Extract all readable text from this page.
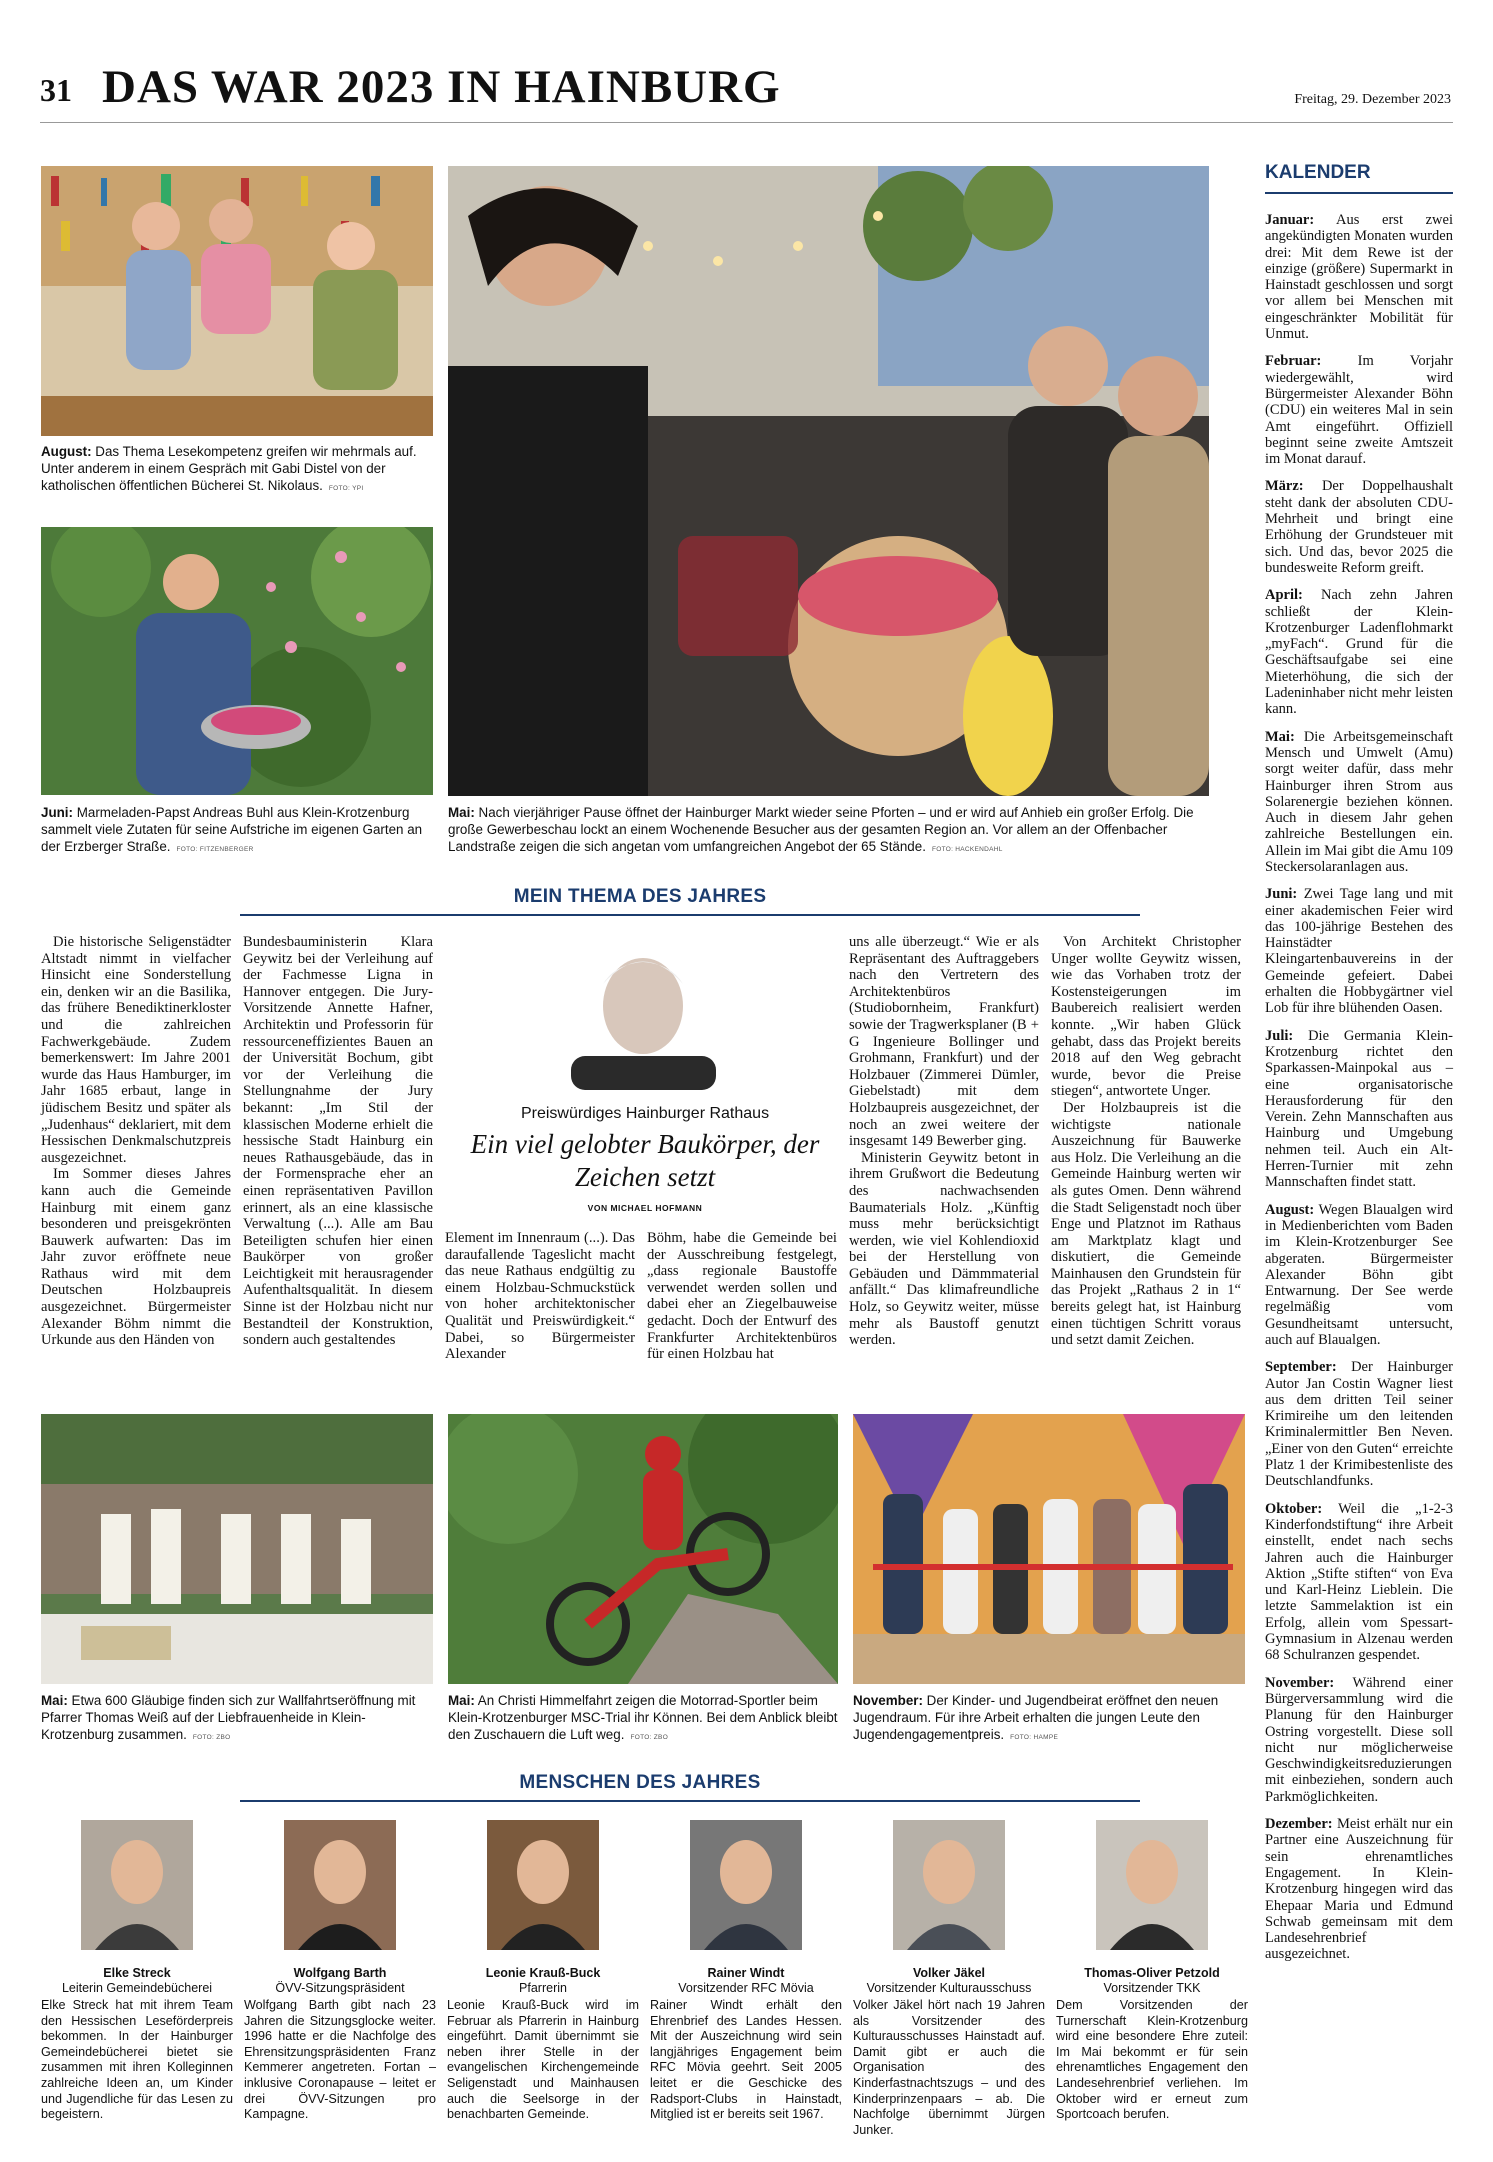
31 DAS WAR 2023 IN HAINBURG	Freitag, 29. Dezember 2023
August: Das Thema Lesekompetenz greifen wir mehrmals auf. Unter anderem in einem Gespräch mit Gabi Distel von der katholischen öffentlichen Bücherei St. Nikolaus. FOTO: YPI
Juni: Marmeladen-Papst Andreas Buhl aus Klein-Krotzenburg sammelt viele Zutaten für seine Aufstriche im eigenen Garten an der Erzberger Straße. FOTO: FITZENBERGER
Mai: Nach vierjähriger Pause öffnet der Hainburger Markt wieder seine Pforten – und er wird auf Anhieb ein großer Erfolg. Die große Gewerbeschau lockt an einem Wochenende Besucher aus der gesamten Region an. Vor allem an der Offenbacher Landstraße zeigen die sich angetan vom umfangreichen Angebot der 65 Stände. FOTO: HACKENDAHL
MEIN THEMA DES JAHRES

Die historische Seligenstädter Altstadt nimmt in vielfacher Hinsicht eine Sonderstellung ein, denken wir an die Basilika, das frühere Benediktinerkloster und die zahlreichen Fachwerkgebäude. Zudem bemerkenswert: Im Jahre 2001 wurde das Haus Hamburger, im Jahr 1685 erbaut, lange in jüdischem Besitz und später als „Judenhaus“ deklariert, mit dem Hessischen Denkmalschutzpreis ausgezeichnet.

Im Sommer dieses Jahres kann auch die Gemeinde Hainburg mit einem ganz besonderen und preisgekrönten Bauwerk aufwarten: Das im Jahr zuvor eröffnete neue Rathaus wird mit dem Deutschen Holzbaupreis ausgezeichnet. Bürgermeister Alexander Böhm nimmt die Urkunde aus den Händen von

Bundesbauministerin Klara Geywitz bei der Verleihung auf der Fachmesse Ligna in Hannover entgegen. Die Jury-Vorsitzende Annette Hafner, Architektin und Professorin für ressourceneffizientes Bauen an der Universität Bochum, gibt vor der Verleihung die Stellungnahme der Jury bekannt: „Im Stil der klassischen Moderne erhielt die hessische Stadt Hainburg ein neues Rathausgebäude, das in der Formensprache eher an einen repräsentativen Pavillon erinnert, als an eine klassische Verwaltung (...). Alle am Bau Beteiligten schufen hier einen Baukörper von großer Leichtigkeit mit herausragender Aufenthaltsqualität. In diesem Sinne ist der Holzbau nicht nur Bestandteil der Konstruktion, sondern auch gestaltendes

Preiswürdiges Hainburger Rathaus
Ein viel gelobter Baukörper, der Zeichen setzt
VON MICHAEL HOFMANN

Element im Innenraum (...). Das daraufallende Tageslicht macht das neue Rathaus endgültig zu einem Holzbau-Schmuckstück von hoher architektonischer Qualität und Preiswürdigkeit.“ Dabei, so Bürgermeister Alexander

Böhm, habe die Gemeinde bei der Ausschreibung festgelegt, „dass regionale Baustoffe verwendet werden sollen und dabei eher an Ziegelbauweise gedacht. Doch der Entwurf des Frankfurter Architektenbüros für einen Holzbau hat

uns alle überzeugt.“ Wie er als Repräsentant des Auftraggebers nach den Vertretern des Architektenbüros (Studiobornheim, Frankfurt) sowie der Tragwerksplaner (B + G Ingenieure Bollinger und Grohmann, Frankfurt) und der Holzbauer (Zimmerei Dümler, Giebelstadt) mit dem Holzbaupreis ausgezeichnet, der noch an zwei weitere der insgesamt 149 Bewerber ging.

Ministerin Geywitz betont in ihrem Grußwort die Bedeutung des nachwachsenden Baumaterials Holz. „Künftig muss mehr berücksichtigt werden, wie viel Kohlendioxid bei der Herstellung von Gebäuden und Dämmmaterial anfällt.“ Das klimafreundliche Holz, so Geywitz weiter, müsse mehr als Baustoff genutzt werden.

Von Architekt Christopher Unger wollte Geywitz wissen, wie das Vorhaben trotz der Kostensteigerungen im Baubereich realisiert werden konnte. „Wir haben Glück gehabt, dass das Projekt bereits 2018 auf den Weg gebracht wurde, bevor die Preise stiegen“, antwortete Unger.

Der Holzbaupreis ist die wichtigste nationale Auszeichnung für Bauwerke aus Holz. Die Verleihung an die Gemeinde Hainburg werten wir als gutes Omen. Denn während die Stadt Seligenstadt noch über Enge und Platznot im Rathaus am Marktplatz klagt und diskutiert, die Gemeinde Mainhausen den Grundstein für das Projekt „Rathaus 2 in 1“ bereits gelegt hat, ist Hainburg einen tüchtigen Schritt voraus und setzt damit Zeichen.

Mai: Etwa 600 Gläubige finden sich zur Wallfahrtseröffnung mit Pfarrer Thomas Weiß auf der Liebfrauenheide in Klein-Krotzenburg zusammen. FOTO: ZBO
Mai: An Christi Himmelfahrt zeigen die Motorrad-Sportler beim Klein-Krotzenburger MSC-Trial ihr Können. Bei dem Anblick bleibt den Zuschauern die Luft weg. FOTO: ZBO
November: Der Kinder- und Jugendbeirat eröffnet den neuen Jugendraum. Für ihre Arbeit erhalten die jungen Leute den Jugendengagementpreis. FOTO: HAMPE
MENSCHEN DES JAHRES
Elke Streck
Leiterin Gemeindebücherei
Elke Streck hat mit ihrem Team den Hessischen Leseförderpreis bekommen. In der Hainburger Gemeindebücherei bietet sie zusammen mit ihren Kolleginnen zahlreiche Ideen an, um Kinder und Jugendliche für das Lesen zu begeistern.
Wolfgang Barth
ÖVV-Sitzungspräsident
Wolfgang Barth gibt nach 23 Jahren die Sitzungsglocke weiter. 1996 hatte er die Nachfolge des Ehrensitzungspräsidenten Franz Kemmerer angetreten. Fortan – inklusive Coronapause – leitet er drei ÖVV-Sitzungen pro Kampagne.
Leonie Krauß-Buck
Pfarrerin
Leonie Krauß-Buck wird im Februar als Pfarrerin in Hainburg eingeführt. Damit übernimmt sie neben ihrer Stelle in der evangelischen Kirchengemeinde Seligenstadt und Mainhausen auch die Seelsorge in der benachbarten Gemeinde.
Rainer Windt
Vorsitzender RFC Mövia
Rainer Windt erhält den Ehrenbrief des Landes Hessen. Mit der Auszeichnung wird sein langjähriges Engagement beim RFC Mövia geehrt. Seit 2005 leitet er die Geschicke des Radsport-Clubs in Hainstadt, Mitglied ist er bereits seit 1967.
Volker Jäkel
Vorsitzender Kulturausschuss
Volker Jäkel hört nach 19 Jahren als Vorsitzender des Kulturausschusses Hainstadt auf. Damit gibt er auch die Organisation des Kinderfastnachtszugs – und des Kinderprinzenpaars – ab. Die Nachfolge übernimmt Jürgen Junker.
Thomas-Oliver Petzold
Vorsitzender TKK
Dem Vorsitzenden der Turnerschaft Klein-Krotzenburg wird eine besondere Ehre zuteil: Im Mai bekommt er für sein ehrenamtliches Engagement den Landesehrenbrief verliehen. Im Oktober wird er erneut zum Sportcoach berufen.
KALENDER

Januar: Aus erst zwei angekündigten Monaten wurden drei: Mit dem Rewe ist der einzige (größere) Supermarkt in Hainstadt geschlossen und sorgt vor allem bei Menschen mit eingeschränkter Mobilität für Unmut.

Februar: Im Vorjahr wiedergewählt, wird Bürgermeister Alexander Böhn (CDU) ein weiteres Mal in sein Amt eingeführt. Offiziell beginnt seine zweite Amtszeit im Monat darauf.

März: Der Doppelhaushalt steht dank der absoluten CDU-Mehrheit und bringt eine Erhöhung der Grundsteuer mit sich. Und das, bevor 2025 die bundesweite Reform greift.

April: Nach zehn Jahren schließt der Klein-Krotzenburger Ladenflohmarkt „myFach“. Grund für die Geschäftsaufgabe sei eine Mieterhöhung, die sich der Ladeninhaber nicht mehr leisten kann.

Mai: Die Arbeitsgemeinschaft Mensch und Umwelt (Amu) sorgt weiter dafür, dass mehr Hainburger ihren Strom aus Solarenergie beziehen können. Auch in diesem Jahr gehen zahlreiche Bestellungen ein. Allein im Mai gibt die Amu 109 Steckersolaranlagen aus.

Juni: Zwei Tage lang und mit einer akademischen Feier wird das 100-jährige Bestehen des Hainstädter Kleingartenbauvereins in der Gemeinde gefeiert. Dabei erhalten die Hobbygärtner viel Lob für ihre blühenden Oasen.

Juli: Die Germania Klein-Krotzenburg richtet den Sparkassen-Mainpokal aus – eine organisatorische Herausforderung für den Verein. Zehn Mannschaften aus Hainburg und Umgebung nehmen teil. Auch ein Alt-Herren-Turnier mit zehn Mannschaften findet statt.

August: Wegen Blaualgen wird in Medienberichten vom Baden im Klein-Krotzenburger See abgeraten. Bürgermeister Alexander Böhn gibt Entwarnung. Der See werde regelmäßig vom Gesundheitsamt untersucht, auch auf Blaualgen.

September: Der Hainburger Autor Jan Costin Wagner liest aus dem dritten Teil seiner Krimireihe um den leitenden Kriminalermittler Ben Neven. „Einer von den Guten“ erreichte Platz 1 der Krimibestenliste des Deutschlandfunks.

Oktober: Weil die „1-2-3 Kinderfondstiftung“ ihre Arbeit einstellt, endet nach sechs Jahren auch die Hainburger Aktion „Stifte stiften“ von Eva und Karl-Heinz Lieblein. Die letzte Sammelaktion ist ein Erfolg, allein vom Spessart-Gymnasium in Alzenau werden 68 Schulranzen gespendet.

November: Während einer Bürgerversammlung wird die Planung für den Hainburger Ostring vorgestellt. Diese soll nicht nur möglicherweise Geschwindigkeitsreduzierungen mit einbeziehen, sondern auch Parkmöglichkeiten.

Dezember: Meist erhält nur ein Partner eine Auszeichnung für sein ehrenamtliches Engagement. In Klein-Krotzenburg hingegen wird das Ehepaar Maria und Edmund Schwab gemeinsam mit dem Landesehrenbrief ausgezeichnet.
